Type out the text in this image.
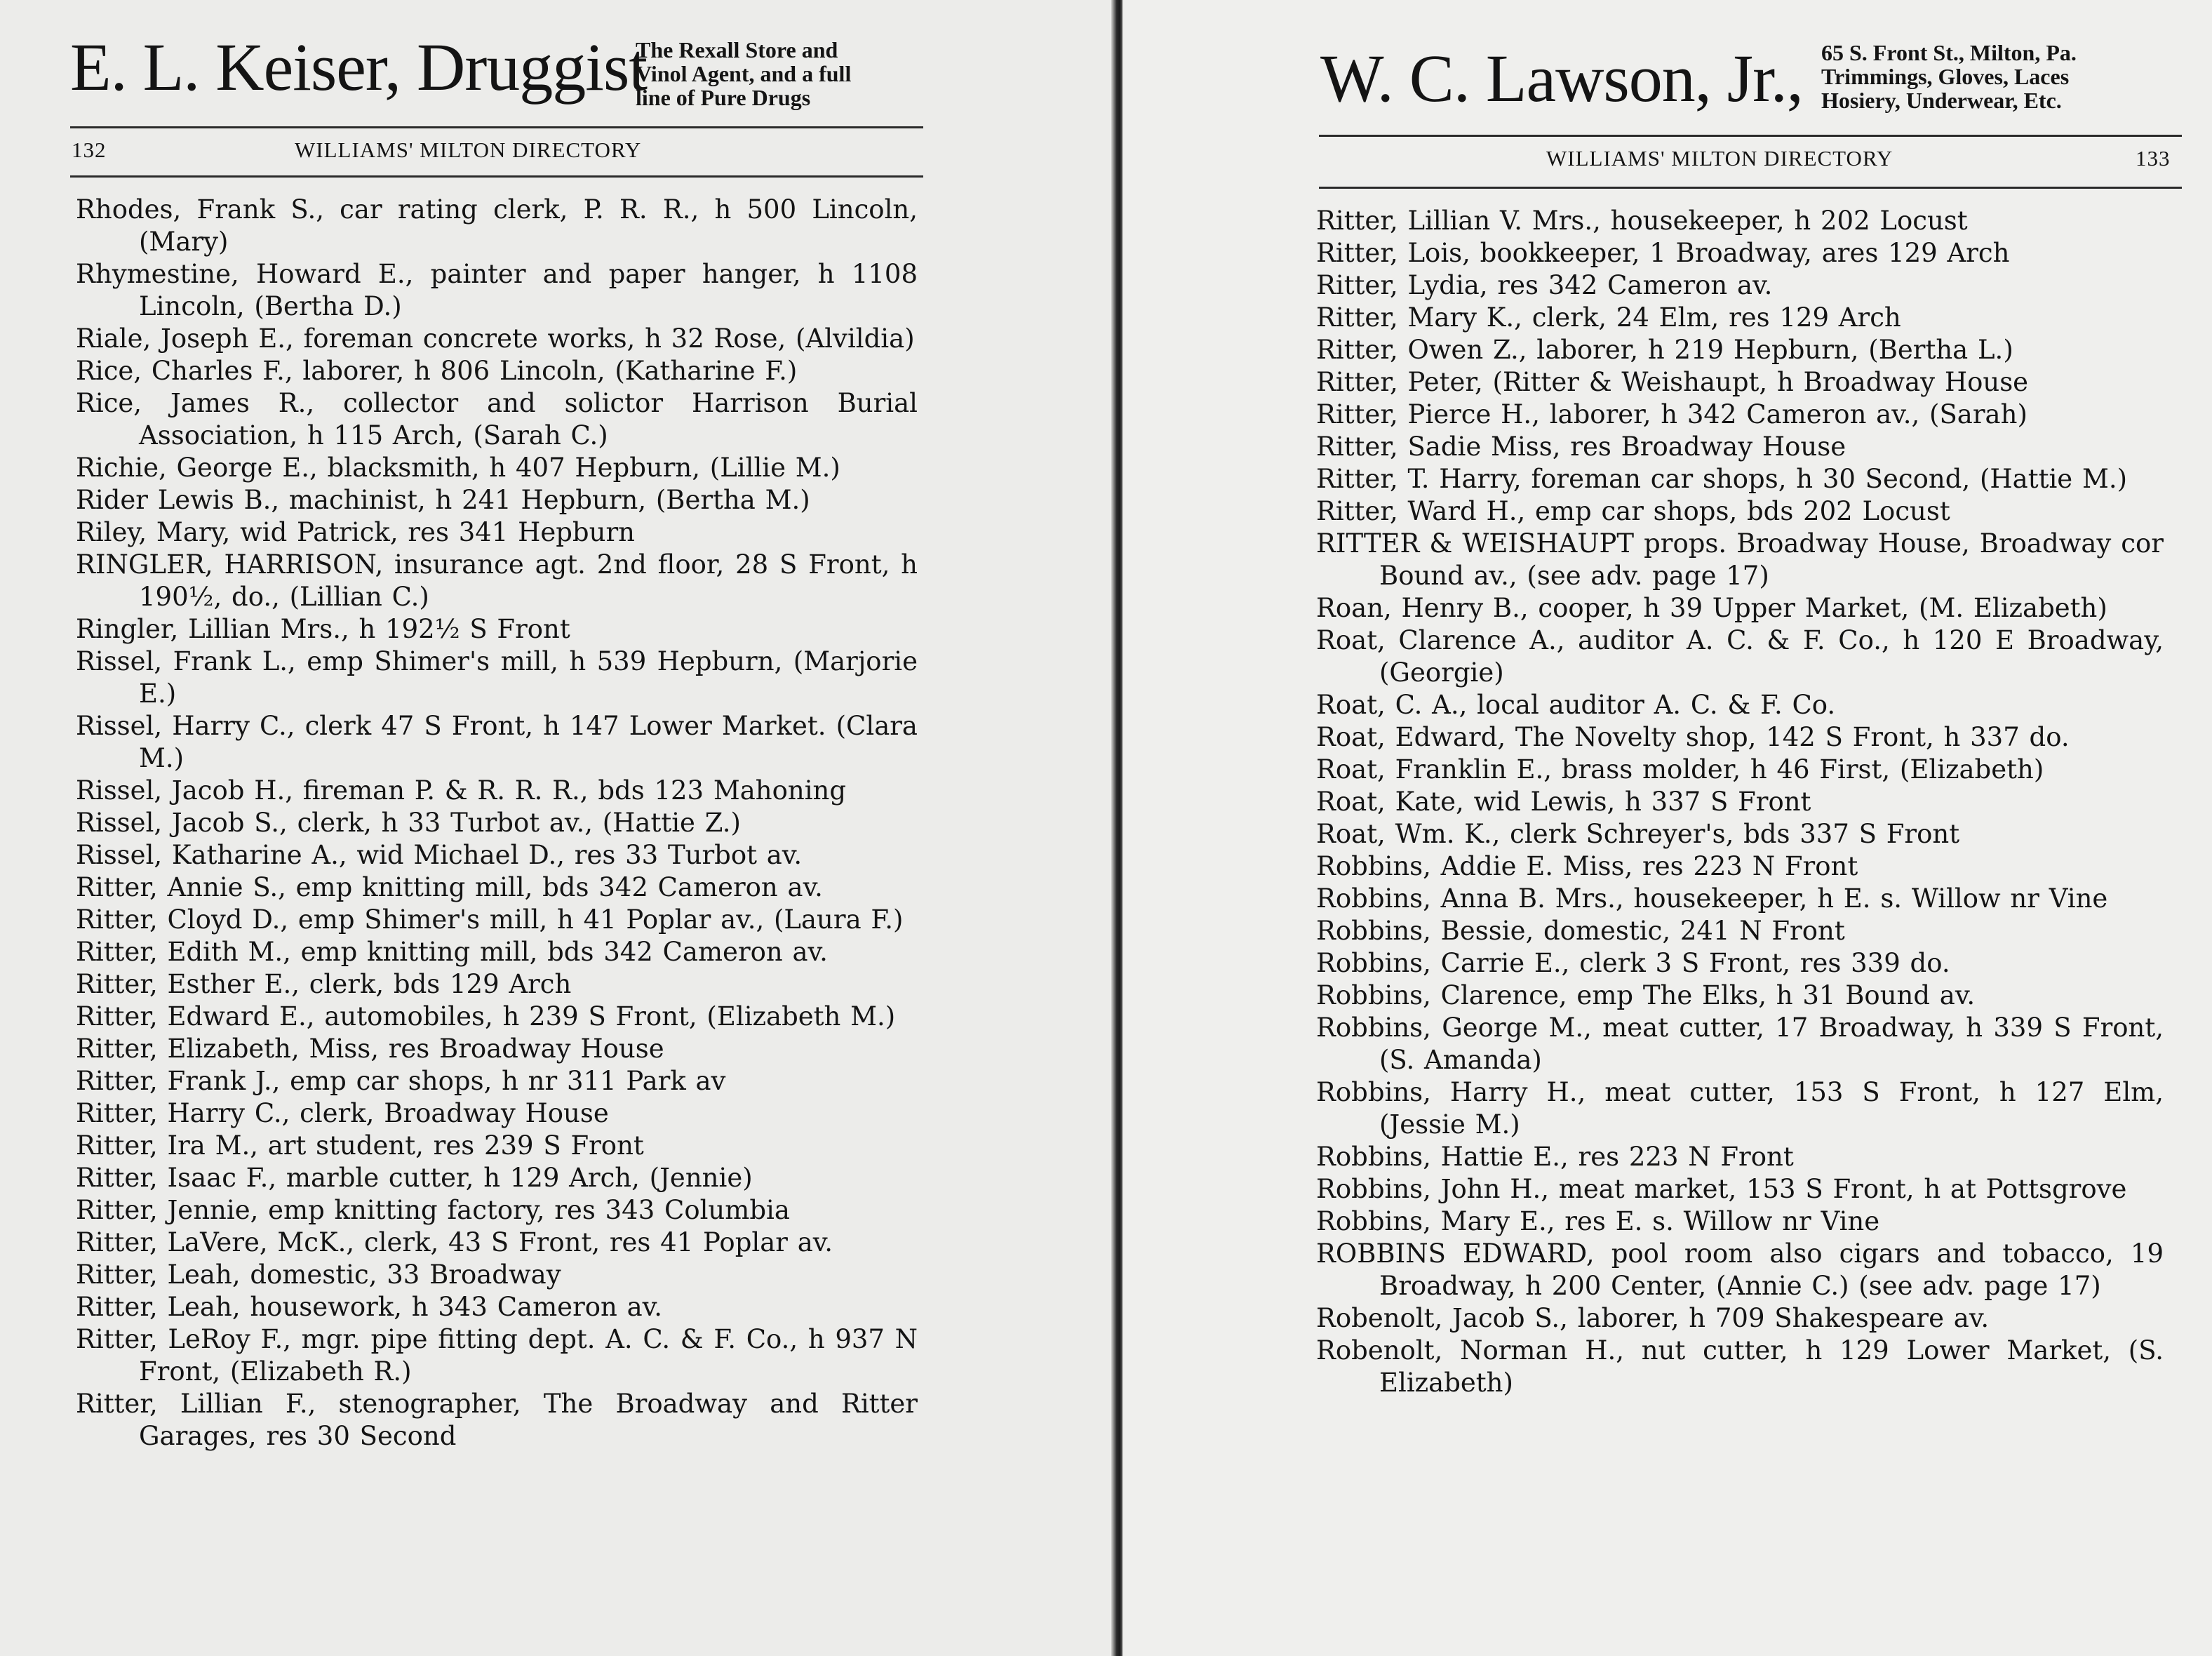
E. L. Keiser, Druggist
The Rexall Store and
Vinol Agent, and a full
line of Pure Drugs
132	WILLIAMS' MILTON DIRECTORY
Rhodes, Frank S., car rating clerk, P. R. R., h 500 Lincoln, (Mary)
Rhymestine, Howard E., painter and paper hanger, h 1108 Lincoln, (Bertha D.)
Riale, Joseph E., foreman concrete works, h 32 Rose, (Alvildia)
Rice, Charles F., laborer, h 806 Lincoln, (Katharine F.)
Rice, James R., collector and solictor Harrison Burial Association, h 115 Arch, (Sarah C.)
Richie, George E., blacksmith, h 407 Hepburn, (Lillie M.)
Rider Lewis B., machinist, h 241 Hepburn, (Bertha M.)
Riley, Mary, wid Patrick, res 341 Hepburn
RINGLER, HARRISON, insurance agt. 2nd floor, 28 S Front, h 190½, do., (Lillian C.)
Ringler, Lillian Mrs., h 192½ S Front
Rissel, Frank L., emp Shimer's mill, h 539 Hepburn, (Marjorie E.)
Rissel, Harry C., clerk 47 S Front, h 147 Lower Market. (Clara M.)
Rissel, Jacob H., fireman P. & R. R. R., bds 123 Mahoning
Rissel, Jacob S., clerk, h 33 Turbot av., (Hattie Z.)
Rissel, Katharine A., wid Michael D., res 33 Turbot av.
Ritter, Annie S., emp knitting mill, bds 342 Cameron av.
Ritter, Cloyd D., emp Shimer's mill, h 41 Poplar av., (Laura F.)
Ritter, Edith M., emp knitting mill, bds 342 Cameron av.
Ritter, Esther E., clerk, bds 129 Arch
Ritter, Edward E., automobiles, h 239 S Front, (Elizabeth M.)
Ritter, Elizabeth, Miss, res Broadway House
Ritter, Frank J., emp car shops, h nr 311 Park av
Ritter, Harry C., clerk, Broadway House
Ritter, Ira M., art student, res 239 S Front
Ritter, Isaac F., marble cutter, h 129 Arch, (Jennie)
Ritter, Jennie, emp knitting factory, res 343 Columbia
Ritter, LaVere, McK., clerk, 43 S Front, res 41 Poplar av.
Ritter, Leah, domestic, 33 Broadway
Ritter, Leah, housework, h 343 Cameron av.
Ritter, LeRoy F., mgr. pipe fitting dept. A. C. & F. Co., h 937 N Front, (Elizabeth R.)
Ritter, Lillian F., stenographer, The Broadway and Ritter Garages, res 30 Second
W. C. Lawson, Jr., 65 S. Front St., Milton, Pa.
Trimmings, Gloves, Laces
Hosiery, Underwear, Etc.
WILLIAMS' MILTON DIRECTORY	133
Ritter, Lillian V. Mrs., housekeeper, h 202 Locust
Ritter, Lois, bookkeeper, 1 Broadway, ares 129 Arch
Ritter, Lydia, res 342 Cameron av.
Ritter, Mary K., clerk, 24 Elm, res 129 Arch
Ritter, Owen Z., laborer, h 219 Hepburn, (Bertha L.)
Ritter, Peter, (Ritter & Weishaupt, h Broadway House
Ritter, Pierce H., laborer, h 342 Cameron av., (Sarah)
Ritter, Sadie Miss, res Broadway House
Ritter, T. Harry, foreman car shops, h 30 Second, (Hattie M.)
Ritter, Ward H., emp car shops, bds 202 Locust
RITTER & WEISHAUPT props. Broadway House, Broadway cor Bound av., (see adv. page 17)
Roan, Henry B., cooper, h 39 Upper Market, (M. Elizabeth)
Roat, Clarence A., auditor A. C. & F. Co., h 120 E Broadway, (Georgie)
Roat, C. A., local auditor A. C. & F. Co.
Roat, Edward, The Novelty shop, 142 S Front, h 337 do.
Roat, Franklin E., brass molder, h 46 First, (Elizabeth)
Roat, Kate, wid Lewis, h 337 S Front
Roat, Wm. K., clerk Schreyer's, bds 337 S Front
Robbins, Addie E. Miss, res 223 N Front
Robbins, Anna B. Mrs., housekeeper, h E. s. Willow nr Vine
Robbins, Bessie, domestic, 241 N Front
Robbins, Carrie E., clerk 3 S Front, res 339 do.
Robbins, Clarence, emp The Elks, h 31 Bound av.
Robbins, George M., meat cutter, 17 Broadway, h 339 S Front, (S. Amanda)
Robbins, Harry H., meat cutter, 153 S Front, h 127 Elm, (Jessie M.)
Robbins, Hattie E., res 223 N Front
Robbins, John H., meat market, 153 S Front, h at Pottsgrove
Robbins, Mary E., res E. s. Willow nr Vine
ROBBINS EDWARD, pool room also cigars and tobacco, 19 Broadway, h 200 Center, (Annie C.) (see adv. page 17)
Robenolt, Jacob S., laborer, h 709 Shakespeare av.
Robenolt, Norman H., nut cutter, h 129 Lower Market, (S. Elizabeth)
